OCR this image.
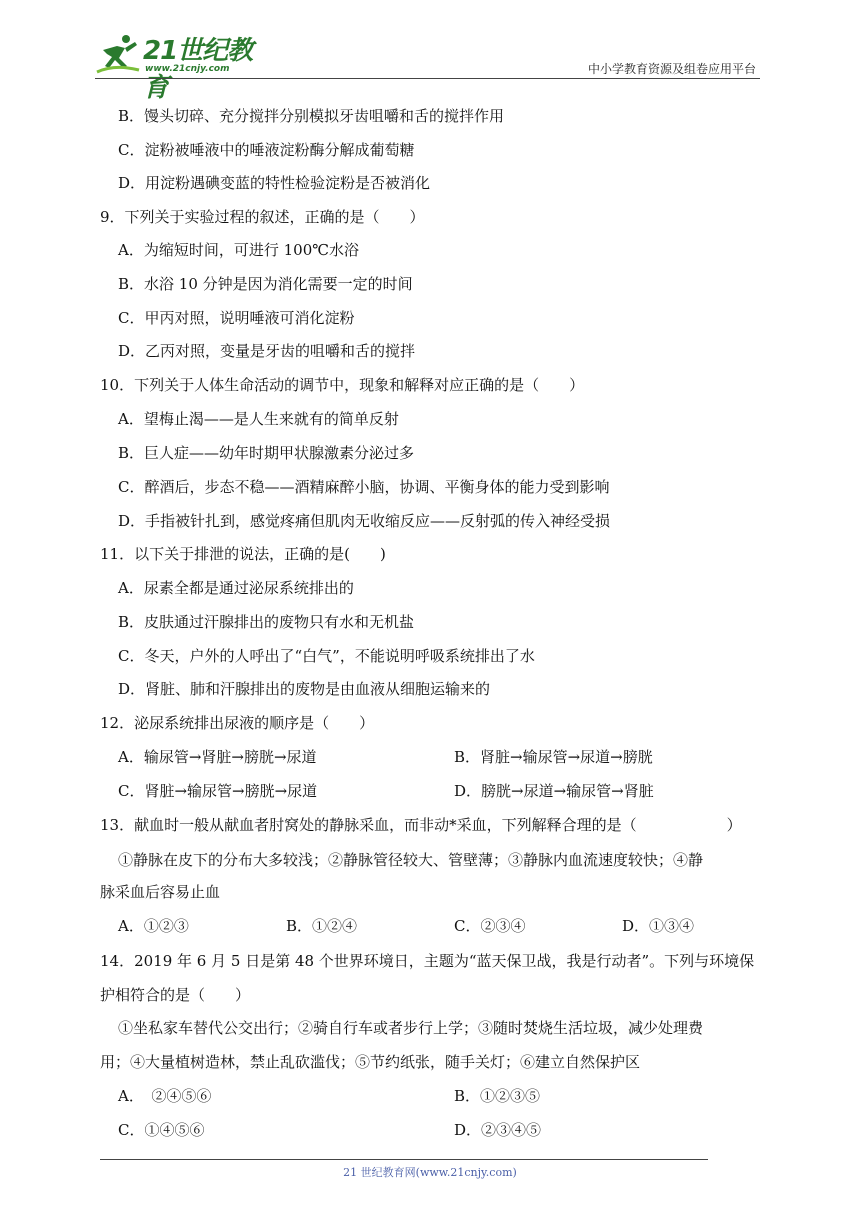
21世纪教育
www.21cnjy.com	中小学教育资源及组卷应用平台
B．馒头切碎、充分搅拌分别模拟牙齿咀嚼和舌的搅拌作用
C．淀粉被唾液中的唾液淀粉酶分解成葡萄糖
D．用淀粉遇碘变蓝的特性检验淀粉是否被消化
9．下列关于实验过程的叙述，正确的是（　　）
A．为缩短时间，可进行 100℃水浴
B．水浴 10 分钟是因为消化需要一定的时间
C．甲丙对照，说明唾液可消化淀粉
D．乙丙对照，变量是牙齿的咀嚼和舌的搅拌
10．下列关于人体生命活动的调节中，现象和解释对应正确的是（　　）
A．望梅止渴——是人生来就有的简单反射
B．巨人症——幼年时期甲状腺激素分泌过多
C．醉酒后，步态不稳——酒精麻醉小脑，协调、平衡身体的能力受到影响
D．手指被针扎到，感觉疼痛但肌肉无收缩反应——反射弧的传入神经受损
11．以下关于排泄的说法，正确的是(　　)
A．尿素全都是通过泌尿系统排出的
B．皮肤通过汗腺排出的废物只有水和无机盐
C．冬天，户外的人呼出了“白气”，不能说明呼吸系统排出了水
D．肾脏、肺和汗腺排出的废物是由血液从细胞运输来的
12．泌尿系统排出尿液的顺序是（　　）
A．输尿管→肾脏→膀胱→尿道	B．肾脏→输尿管→尿道→膀胱
C．肾脏→输尿管→膀胱→尿道	D．膀胱→尿道→输尿管→肾脏
13．献血时一般从献血者肘窝处的静脉采血，而非动*采血，下列解释合理的是（　　　　　　）
①静脉在皮下的分布大多较浅；②静脉管径较大、管壁薄；③静脉内血流速度较快；④静
脉采血后容易止血
A．①②③	B．①②④	C．②③④	D．①③④
14．2019 年 6 月 5 日是第 48 个世界环境日，主题为“蓝天保卫战，我是行动者”。下列与环境保
护相符合的是（　　）
①坐私家车替代公交出行；②骑自行车或者步行上学；③随时焚烧生活垃圾，减少处理费
用；④大量植树造林，禁止乱砍滥伐；⑤节约纸张，随手关灯；⑥建立自然保护区
A．　②④⑤⑥	B．①②③⑤
C．①④⑤⑥	D．②③④⑤
21 世纪教育网(www.21cnjy.com)
